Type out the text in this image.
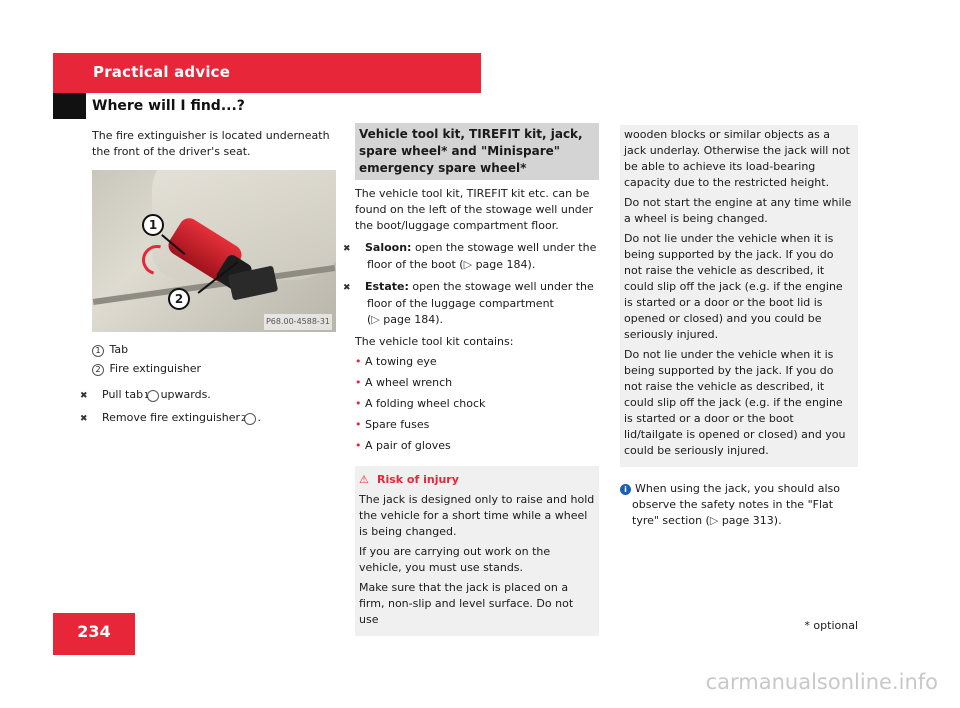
Practical advice
Where will I find...?

The fire extinguisher is located underneath the front of the driver's seat.

1
2
P68.00-4588-31

1 Tab

2 Fire extinguisher

✖ Pull tab 1 upwards.

✖ Remove fire extinguisher 2 .

Vehicle tool kit, TIREFIT kit, jack, spare wheel* and "Minispare" emergency spare wheel*

The vehicle tool kit, TIREFIT kit etc. can be found on the left of the stowage well under the boot/luggage compartment floor.

✖ Saloon: open the stowage well under the floor of the boot (▷ page 184).

✖ Estate: open the stowage well under the floor of the luggage compartment (▷ page 184).

The vehicle tool kit contains:

• A towing eye
• A wheel wrench
• A folding wheel chock
• Spare fuses
• A pair of gloves
⚠ Risk of injury

The jack is designed only to raise and hold the vehicle for a short time while a wheel is being changed.

If you are carrying out work on the vehicle, you must use stands.

Make sure that the jack is placed on a firm, non-slip and level surface. Do not use

wooden blocks or similar objects as a jack underlay. Otherwise the jack will not be able to achieve its load-bearing capacity due to the restricted height.

Do not start the engine at any time while a wheel is being changed.

Do not lie under the vehicle when it is being supported by the jack. If you do not raise the vehicle as described, it could slip off the jack (e.g. if the engine is started or a door or the boot lid is opened or closed) and you could be seriously injured.

Do not lie under the vehicle when it is being supported by the jack. If you do not raise the vehicle as described, it could slip off the jack (e.g. if the engine is started or a door or the boot lid/tailgate is opened or closed) and you could be seriously injured.

i When using the jack, you should also observe the safety notes in the "Flat tyre" section (▷ page 313).

234	* optional
carmanualsonline.info
